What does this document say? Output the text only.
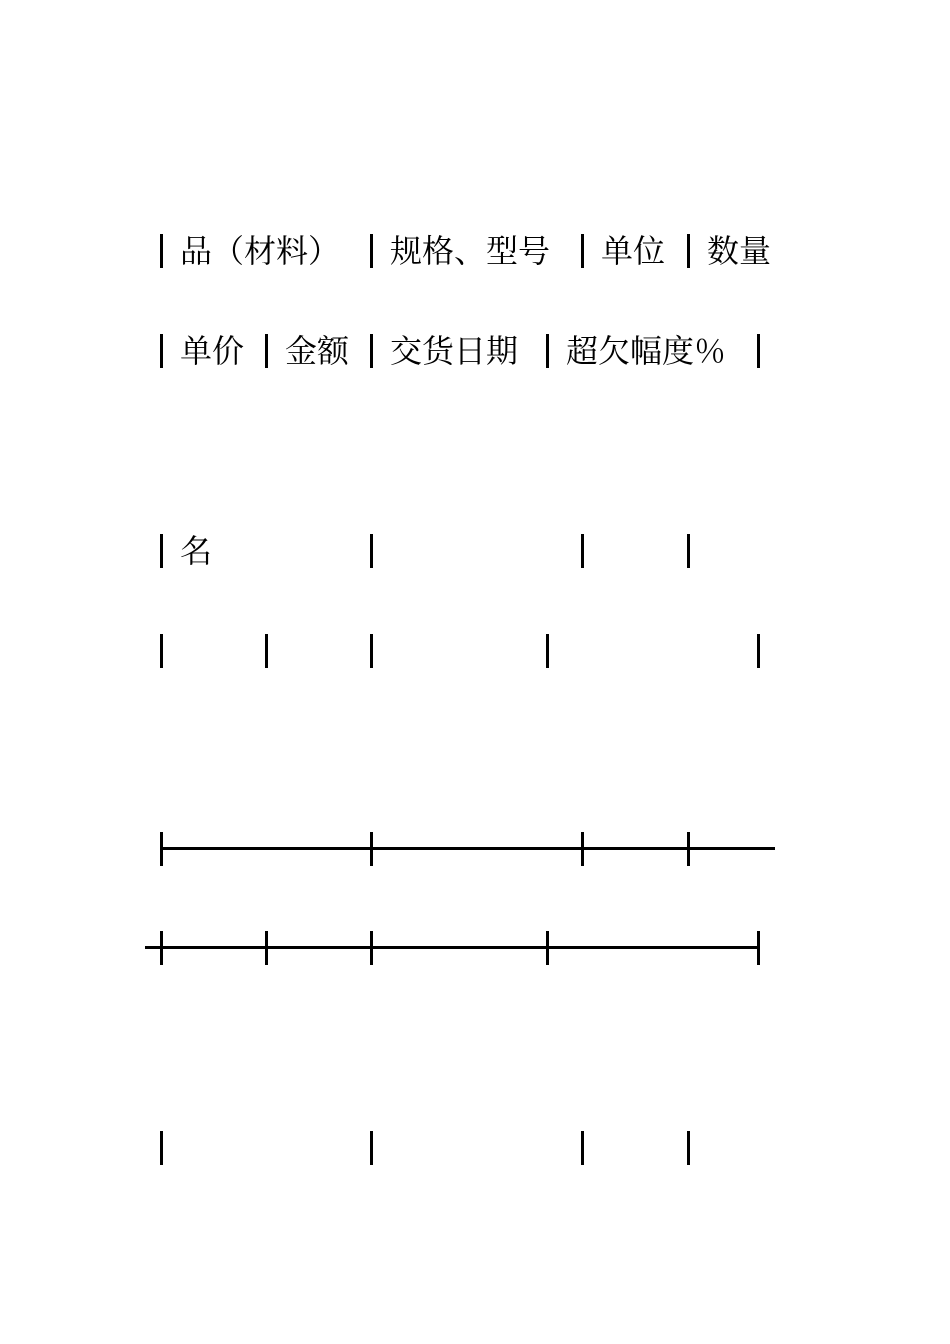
品（材料） 规格、型号 单位 数量
单价 金额 交货日期 超欠幅度％
名
